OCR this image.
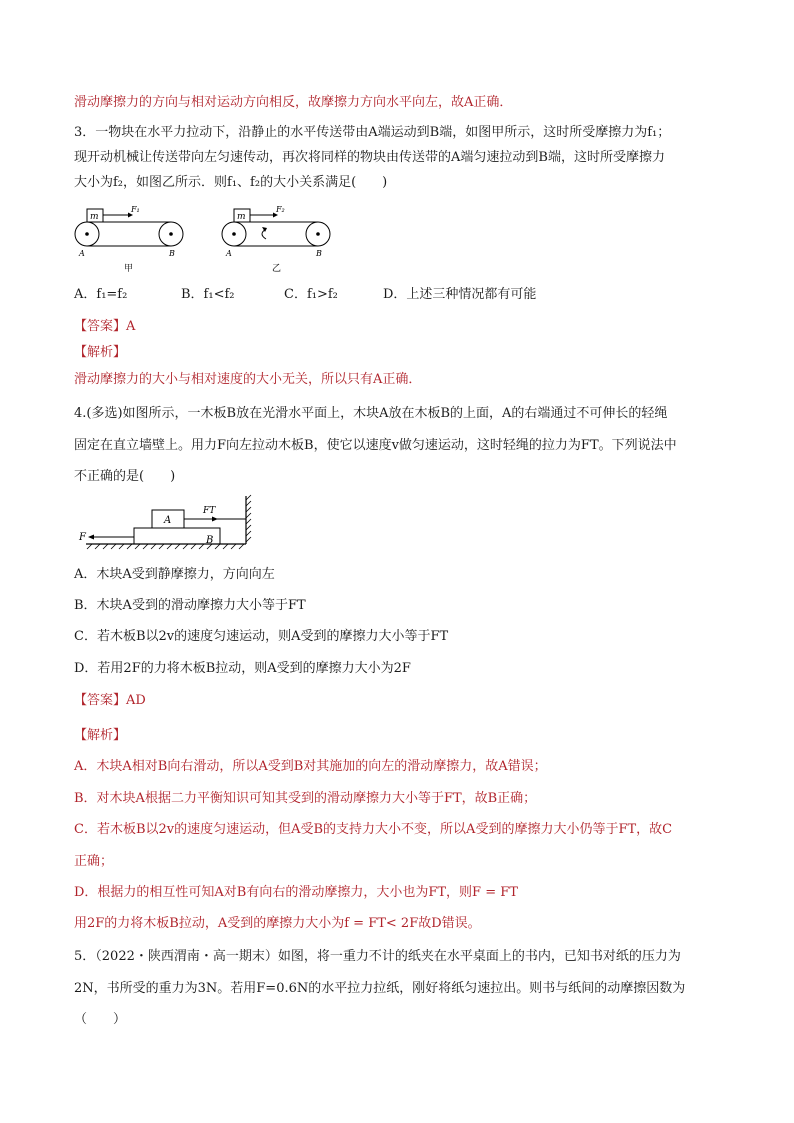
滑动摩擦力的方向与相对运动方向相反，故摩擦力方向水平向左，故A正确．
3．一物块在水平力拉动下，沿静止的水平传送带由A端运动到B端，如图甲所示，这时所受摩擦力为f₁；
现开动机械让传送带向左匀速传动，再次将同样的物块由传送带的A端匀速拉动到B端，这时所受摩擦力
大小为f₂，如图乙所示．则f₁、f₂的大小关系满足(　　)
m
F₁
A	B
甲
m
F₂
A	B
乙
A．f₁=f₂	B．f₁<f₂	C．f₁>f₂	D．上述三种情况都有可能
【答案】A
【解析】
滑动摩擦力的大小与相对速度的大小无关，所以只有A正确．
4.(多选)如图所示，一木板B放在光滑水平面上，木块A放在木板B的上面，A的右端通过不可伸长的轻绳
固定在直立墙壁上。用力F向左拉动木板B，使它以速度v做匀速运动，这时轻绳的拉力为FT。下列说法中
不正确的是(　　)
A
B
FT
F
A．木块A受到静摩擦力，方向向左
B．木块A受到的滑动摩擦力大小等于FT
C．若木板B以2v的速度匀速运动，则A受到的摩擦力大小等于FT
D．若用2F的力将木板B拉动，则A受到的摩擦力大小为2F
【答案】AD
【解析】
A．木块A相对B向右滑动，所以A受到B对其施加的向左的滑动摩擦力，故A错误；
B．对木块A根据二力平衡知识可知其受到的滑动摩擦力大小等于FT，故B正确；
C．若木板B以2v的速度匀速运动，但A受B的支持力大小不变，所以A受到的摩擦力大小仍等于FT，故C
正确；
D．根据力的相互性可知A对B有向右的滑动摩擦力，大小也为FT，则F = FT
用2F的力将木板B拉动，A受到的摩擦力大小为f = FT< 2F故D错误。
5．（2022・陕西渭南・高一期末）如图，将一重力不计的纸夹在水平桌面上的书内，已知书对纸的压力为
2N，书所受的重力为3N。若用F=0.6N的水平拉力拉纸，刚好将纸匀速拉出。则书与纸间的动摩擦因数为
（　　）
